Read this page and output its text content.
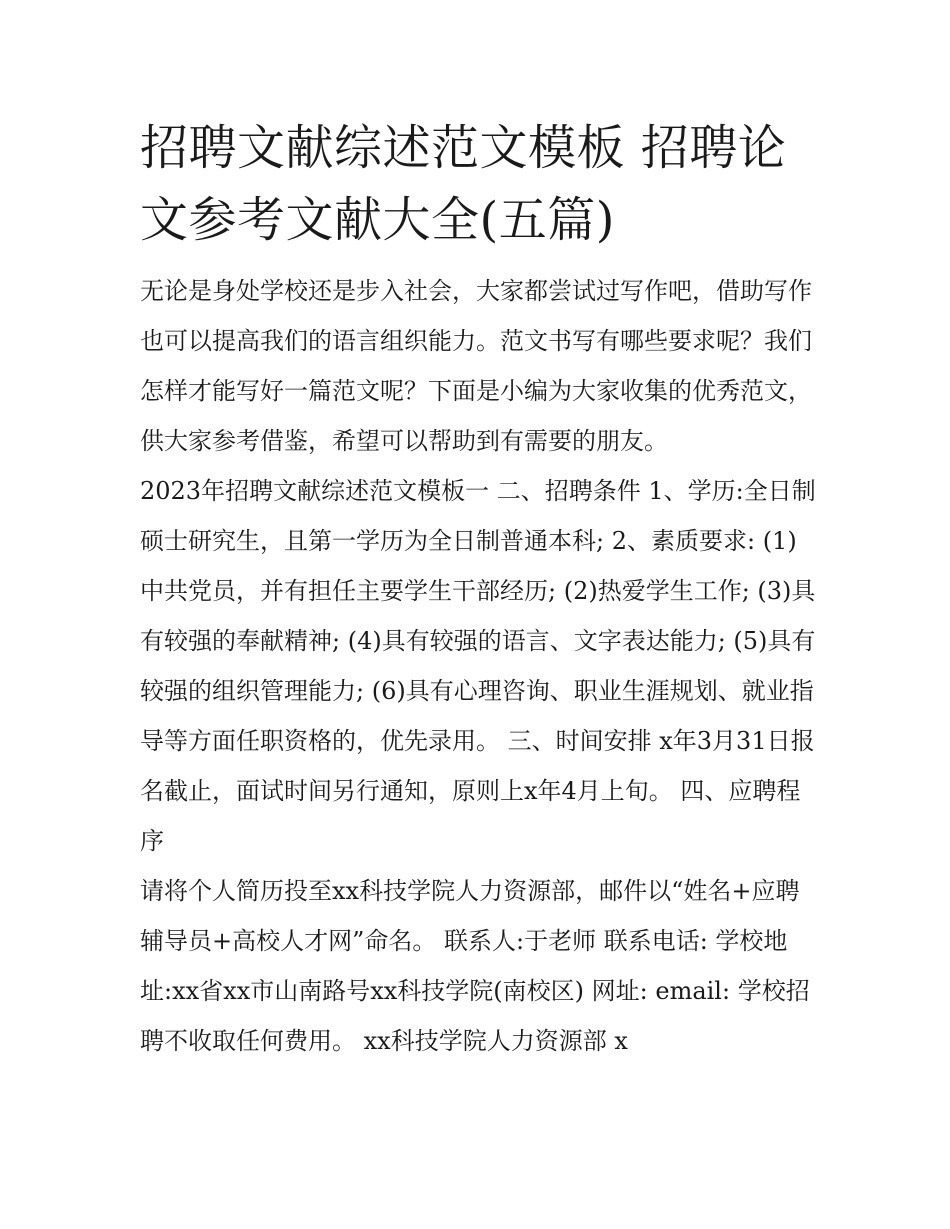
招聘文献综述范文模板 招聘论文参考文献大全(五篇)

无论是身处学校还是步入社会，大家都尝试过写作吧，借助写作也可以提高我们的语言组织能力。范文书写有哪些要求呢？我们怎样才能写好一篇范文呢？下面是小编为大家收集的优秀范文，供大家参考借鉴，希望可以帮助到有需要的朋友。

2023年招聘文献综述范文模板一 二、招聘条件 1、学历:全日制硕士研究生，且第一学历为全日制普通本科; 2、素质要求: (1)中共党员，并有担任主要学生干部经历; (2)热爱学生工作; (3)具有较强的奉献精神; (4)具有较强的语言、文字表达能力; (5)具有较强的组织管理能力; (6)具有心理咨询、职业生涯规划、就业指导等方面任职资格的，优先录用。 三、时间安排 x年3月31日报名截止，面试时间另行通知，原则上x年4月上旬。 四、应聘程序

请将个人简历投至xx科技学院人力资源部，邮件以“姓名+应聘辅导员+高校人才网”命名。 联系人:于老师 联系电话: 学校地址:xx省xx市山南路号xx科技学院(南校区) 网址: email: 学校招聘不收取任何费用。 xx科技学院人力资源部 x
